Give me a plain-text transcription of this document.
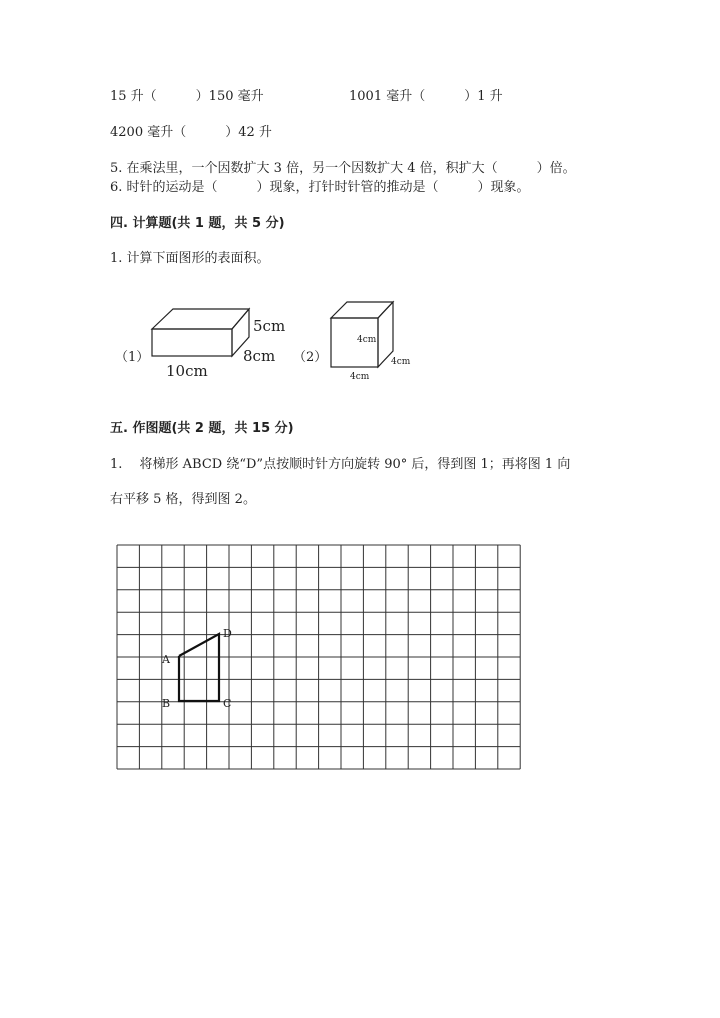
15 升（　　　）150 毫升	1001 毫升（　　　）1 升
4200 毫升（　　　）42 升
5. 在乘法里，一个因数扩大 3 倍，另一个因数扩大 4 倍，积扩大（　　　）倍。
6. 时针的运动是（　　　）现象，打针时针管的推动是（　　　）现象。
四. 计算题(共 1 题，共 5 分)
1. 计算下面图形的表面积。
（1）
10cm
8cm
5cm
（2）
4cm
4cm
4cm
五. 作图题(共 2 题，共 15 分)
1.　 将梯形 ABCD 绕“D”点按顺时针方向旋转 90° 后，得到图 1；再将图 1 向
右平移 5 格，得到图 2。
A
B	C
D
